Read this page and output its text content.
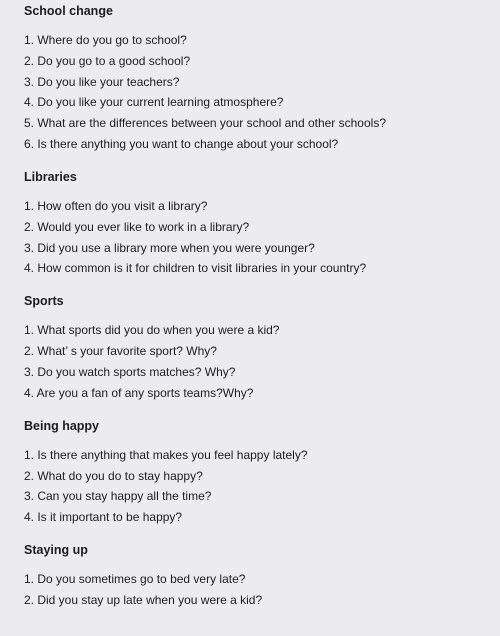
School change
1. Where do you go to school?
2. Do you go to a good school?
3. Do you like your teachers?
4. Do you like your current learning atmosphere?
5. What are the differences between your school and other schools?
6. Is there anything you want to change about your school?
Libraries
1. How often do you visit a library?
2. Would you ever like to work in a library?
3. Did you use a library more when you were younger?
4. How common is it for children to visit libraries in your country?
Sports
1. What sports did you do when you were a kid?
2. What’ s your favorite sport? Why?
3. Do you watch sports matches? Why?
4. Are you a fan of any sports teams?Why?
Being happy
1. Is there anything that makes you feel happy lately?
2. What do you do to stay happy?
3. Can you stay happy all the time?
4. Is it important to be happy?
Staying up
1. Do you sometimes go to bed very late?
2. Did you stay up late when you were a kid?
